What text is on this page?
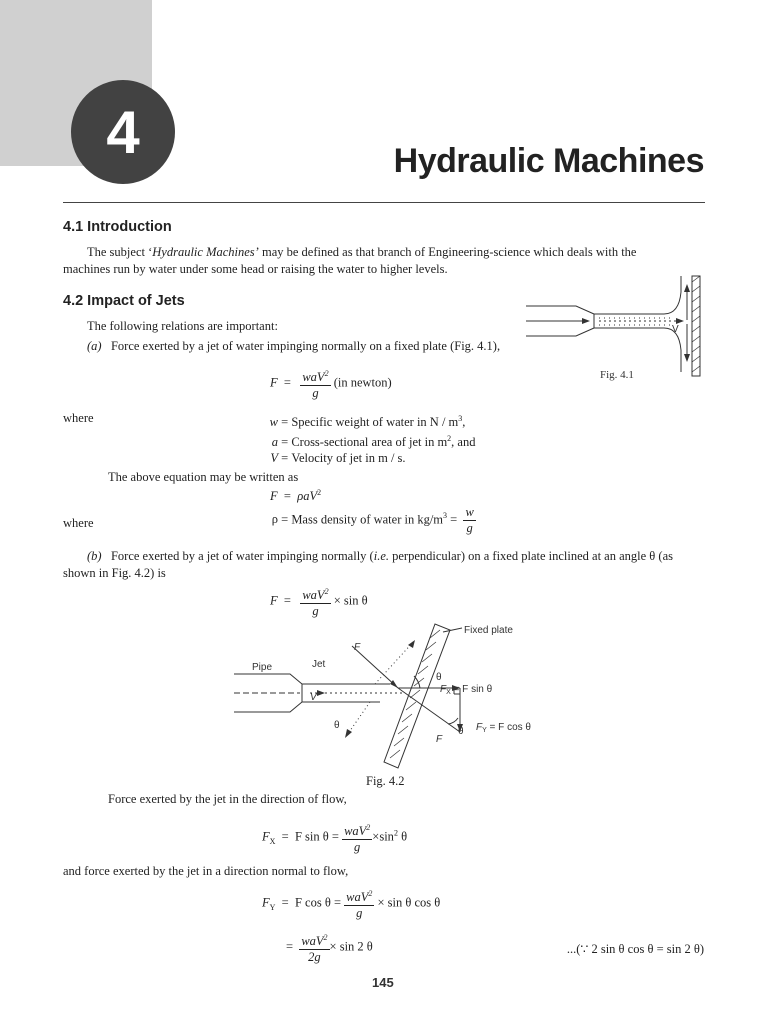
4	Hydraulic Machines
4.1 Introduction
The subject ‘Hydraulic Machines’ may be defined as that branch of Engineering-science which deals with the
machines run by water under some head or raising the water to higher levels.
4.2 Impact of Jets
The following relations are important:
(a) Force exerted by a jet of water impinging normally on a fixed plate (Fig. 4.1),
$F = \frac{waV^2}{g} (in$ newton)
where	w = Specific weight of water in N / $m^3$,
a = Cross-sectional area of jet in $m^2$, and
V = Velocity of jet in m / s.
The above equation may be written as
F  =  ρaV$^2$
where	ρ = Mass density of water in $kg/m^3 = \frac{w}{g}$
(b) Force exerted by a jet of water impinging normally (i.e. perpendicular) on a fixed plate inclined at an angle θ (as
shown in Fig. 4.2) is
$F = \frac{waV^2}{g} \times \sin \theta$
V
Fig. 4.1
Fixed plate
Pipe	Jet
F
V
θ
θ
θ
$F_X = F$ sin θ
$F_Y = F$ cos θ
F
Fig. 4.2
Force exerted by the jet in the direction of flow,
$F_X = F$ $\sin \theta = \frac{waV^2}{g} \times\sin^2$ θ
and force exerted by the jet in a direction normal to flow,
$F_Y = F$ $\cos \theta = \frac{waV^2}{g} \times \sin \theta$ cos θ
= $\frac{waV^2}{2g} \times \sin 2$ θ	...(∵ 2 sin θ cos θ = sin 2 θ)
145
